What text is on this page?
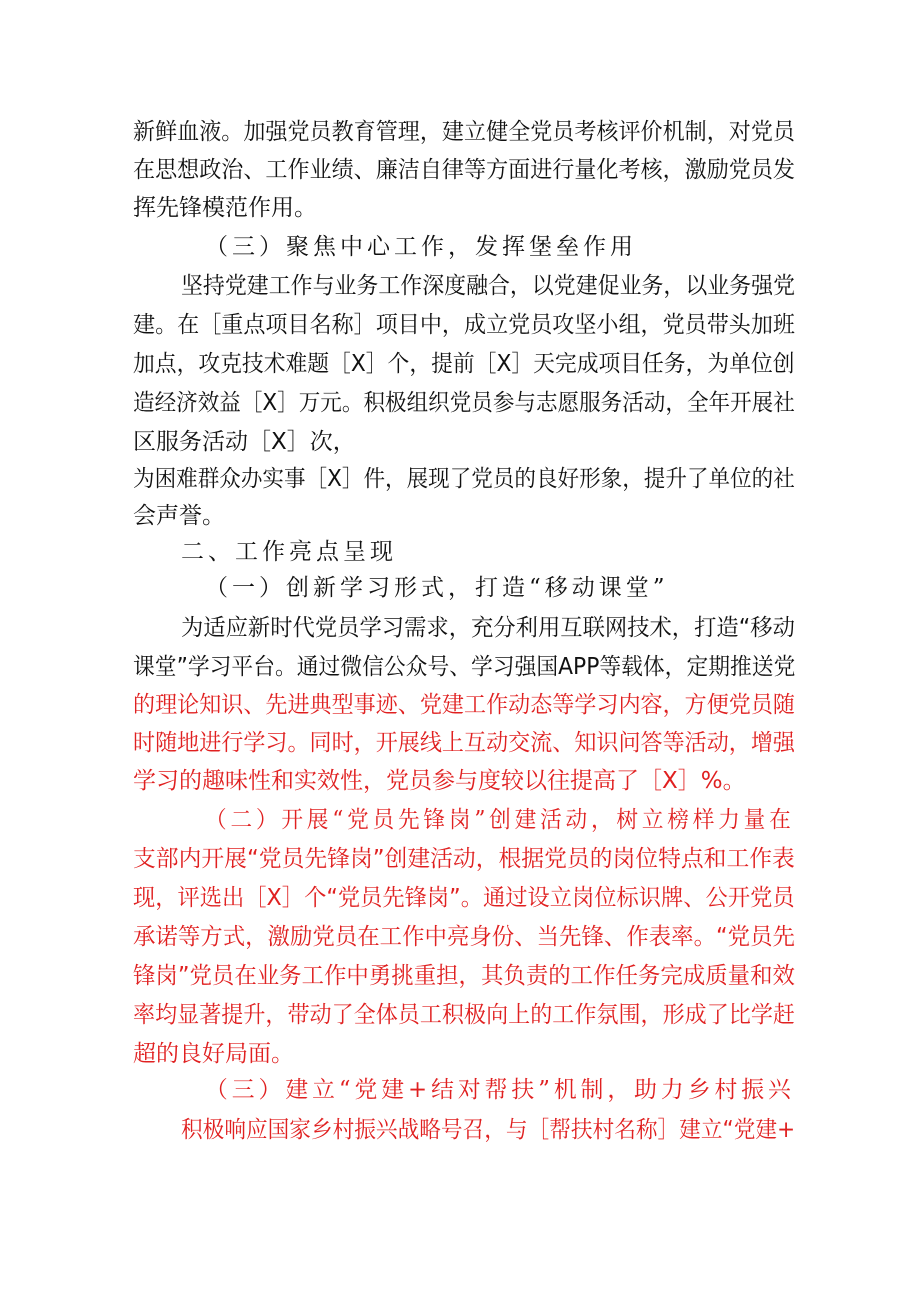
新鲜血液。加强党员教育管理，建立健全党员考核评价机制，对党员
在思想政治、工作业绩、廉洁自律等方面进行量化考核，激励党员发
挥先锋模范作用。
（三）聚焦中心工作，发挥堡垒作用
坚持党建工作与业务工作深度融合，以党建促业务，以业务强党
建。在［重点项目名称］项目中，成立党员攻坚小组，党员带头加班
加点，攻克技术难题［X］个，提前［X］天完成项目任务，为单位创
造经济效益［X］万元。积极组织党员参与志愿服务活动，全年开展社
区服务活动［X］次，
为困难群众办实事［X］件，展现了党员的良好形象，提升了单位的社
会声誉。
二、工作亮点呈现
（一）创新学习形式，打造“移动课堂”
为适应新时代党员学习需求，充分利用互联网技术，打造“移动
课堂”学习平台。通过微信公众号、学习强国APP等载体，定期推送党
的理论知识、先进典型事迹、党建工作动态等学习内容，方便党员随
时随地进行学习。同时，开展线上互动交流、知识问答等活动，增强
学习的趣味性和实效性，党员参与度较以往提高了［X］%。
（二）开展“党员先锋岗”创建活动，树立榜样力量在
支部内开展“党员先锋岗”创建活动，根据党员的岗位特点和工作表
现，评选出［X］个“党员先锋岗”。通过设立岗位标识牌、公开党员
承诺等方式，激励党员在工作中亮身份、当先锋、作表率。“党员先
锋岗”党员在业务工作中勇挑重担，其负责的工作任务完成质量和效
率均显著提升，带动了全体员工积极向上的工作氛围，形成了比学赶
超的良好局面。
（三）建立“党建+结对帮扶”机制，助力乡村振兴
积极响应国家乡村振兴战略号召，与［帮扶村名称］建立“党建+
